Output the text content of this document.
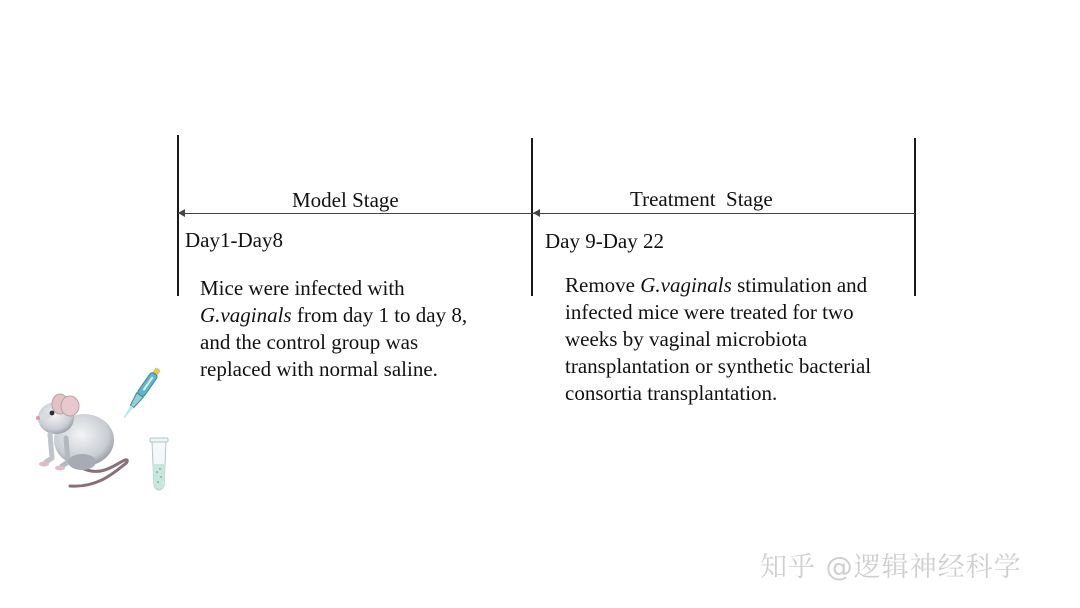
Model Stage	Treatment  Stage
Day1-Day8	Day 9-Day 22
Mice were infected with
G.vaginals from day 1 to day 8,
and the control group was
replaced with normal saline.
Remove G.vaginals stimulation and
infected mice were treated for two
weeks by vaginal microbiota
transplantation or synthetic bacterial
consortia transplantation.
知乎 @逻辑神经科学
